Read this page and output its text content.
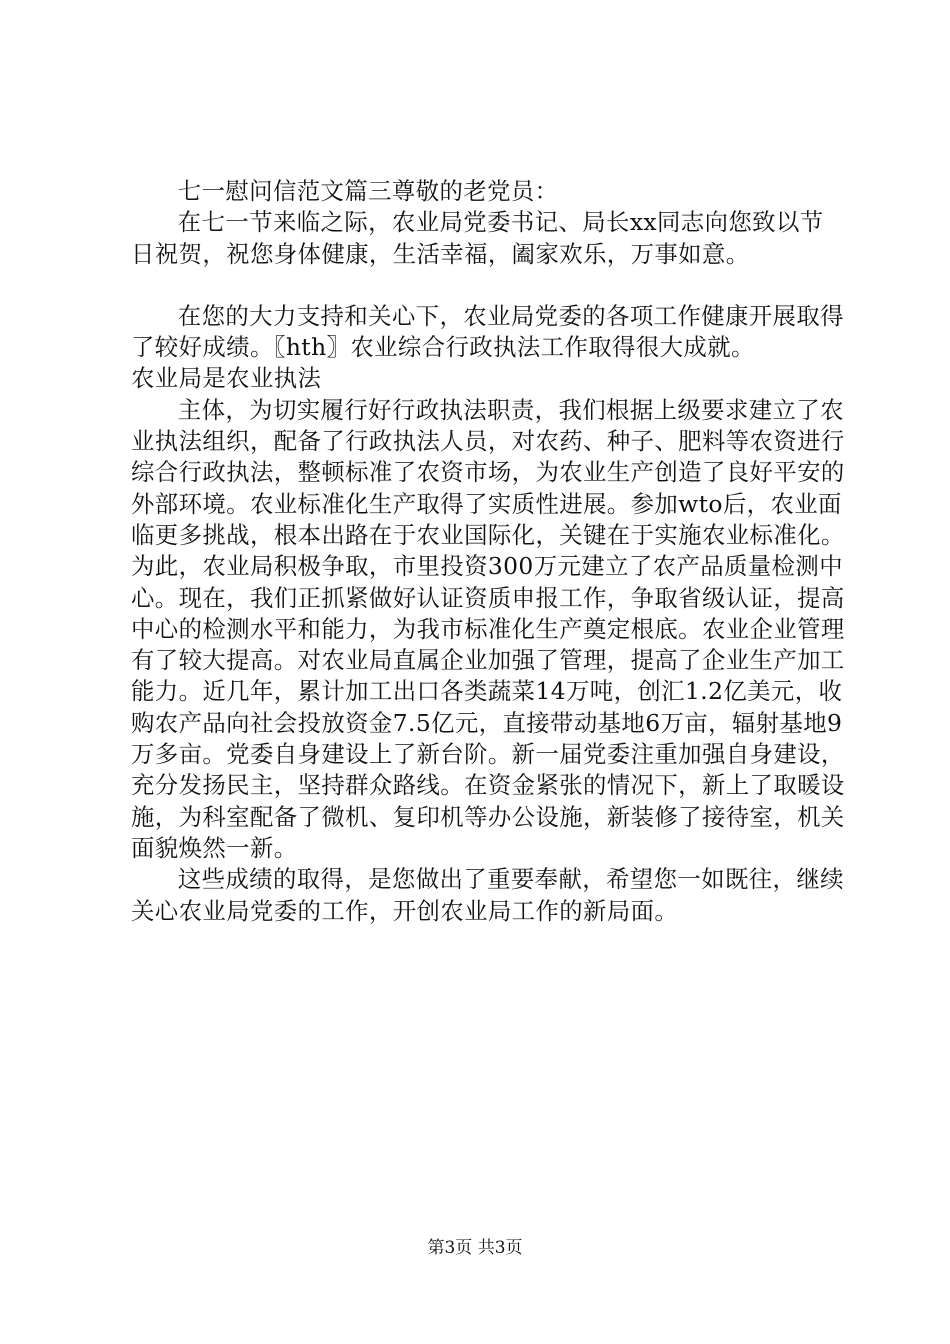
七一慰问信范文篇三尊敬的老党员：

在七一节来临之际，农业局党委书记、局长xx同志向您致以节日祝贺，祝您身体健康，生活幸福，阖家欢乐，万事如意。

在您的大力支持和关心下，农业局党委的各项工作健康开展取得了较好成绩。〖hth〗农业综合行政执法工作取得很大成就。

农业局是农业执法

主体，为切实履行好行政执法职责，我们根据上级要求建立了农业执法组织，配备了行政执法人员，对农药、种子、肥料等农资进行综合行政执法，整顿标准了农资市场，为农业生产创造了良好平安的外部环境。农业标准化生产取得了实质性进展。参加wto后，农业面临更多挑战，根本出路在于农业国际化，关键在于实施农业标准化。为此，农业局积极争取，市里投资300万元建立了农产品质量检测中心。现在，我们正抓紧做好认证资质申报工作，争取省级认证，提高中心的检测水平和能力，为我市标准化生产奠定根底。农业企业管理有了较大提高。对农业局直属企业加强了管理，提高了企业生产加工能力。近几年，累计加工出口各类蔬菜14万吨，创汇1.2亿美元，收购农产品向社会投放资金7.5亿元，直接带动基地6万亩，辐射基地9万多亩。党委自身建设上了新台阶。新一届党委注重加强自身建设，充分发扬民主，坚持群众路线。在资金紧张的情况下，新上了取暖设施，为科室配备了微机、复印机等办公设施，新装修了接待室，机关面貌焕然一新。

这些成绩的取得，是您做出了重要奉献，希望您一如既往，继续关心农业局党委的工作，开创农业局工作的新局面。

第3页 共3页
